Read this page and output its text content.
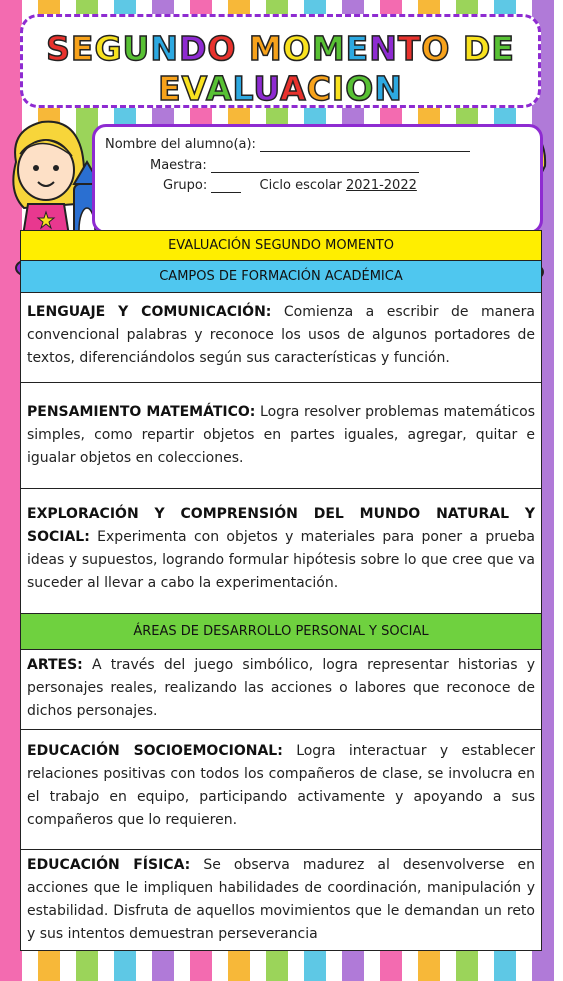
SEGUNDO MOMENTO DE
EVALUACION
Nombre del alumno(a):
Maestra:
Grupo:	Ciclo escolar 2021-2022
EVALUACIÓN SEGUNDO MOMENTO
CAMPOS DE FORMACIÓN ACADÉMICA
LENGUAJE Y COMUNICACIÓN: Comienza a escribir de manera convencional palabras y reconoce los usos de algunos portadores de textos, diferenciándolos según sus características y función.
PENSAMIENTO MATEMÁTICO: Logra resolver problemas matemáticos simples, como repartir objetos en partes iguales, agregar, quitar e igualar objetos en colecciones.
EXPLORACIÓN Y COMPRENSIÓN DEL MUNDO NATURAL Y SOCIAL: Experimenta con objetos y materiales para poner a prueba ideas y supuestos, logrando formular hipótesis sobre lo que cree que va suceder al llevar a cabo la experimentación.
ÁREAS DE DESARROLLO PERSONAL Y SOCIAL
ARTES: A través del juego simbólico, logra representar historias y personajes reales, realizando las acciones o labores que reconoce de dichos personajes.
EDUCACIÓN SOCIOEMOCIONAL: Logra interactuar y establecer relaciones positivas con todos los compañeros de clase, se involucra en el trabajo en equipo, participando activamente y apoyando a sus compañeros que lo requieren.
EDUCACIÓN FÍSICA: Se observa madurez al desenvolverse en acciones que le impliquen habilidades de coordinación, manipulación y estabilidad. Disfruta de aquellos movimientos que le demandan un reto y sus intentos demuestran perseverancia
